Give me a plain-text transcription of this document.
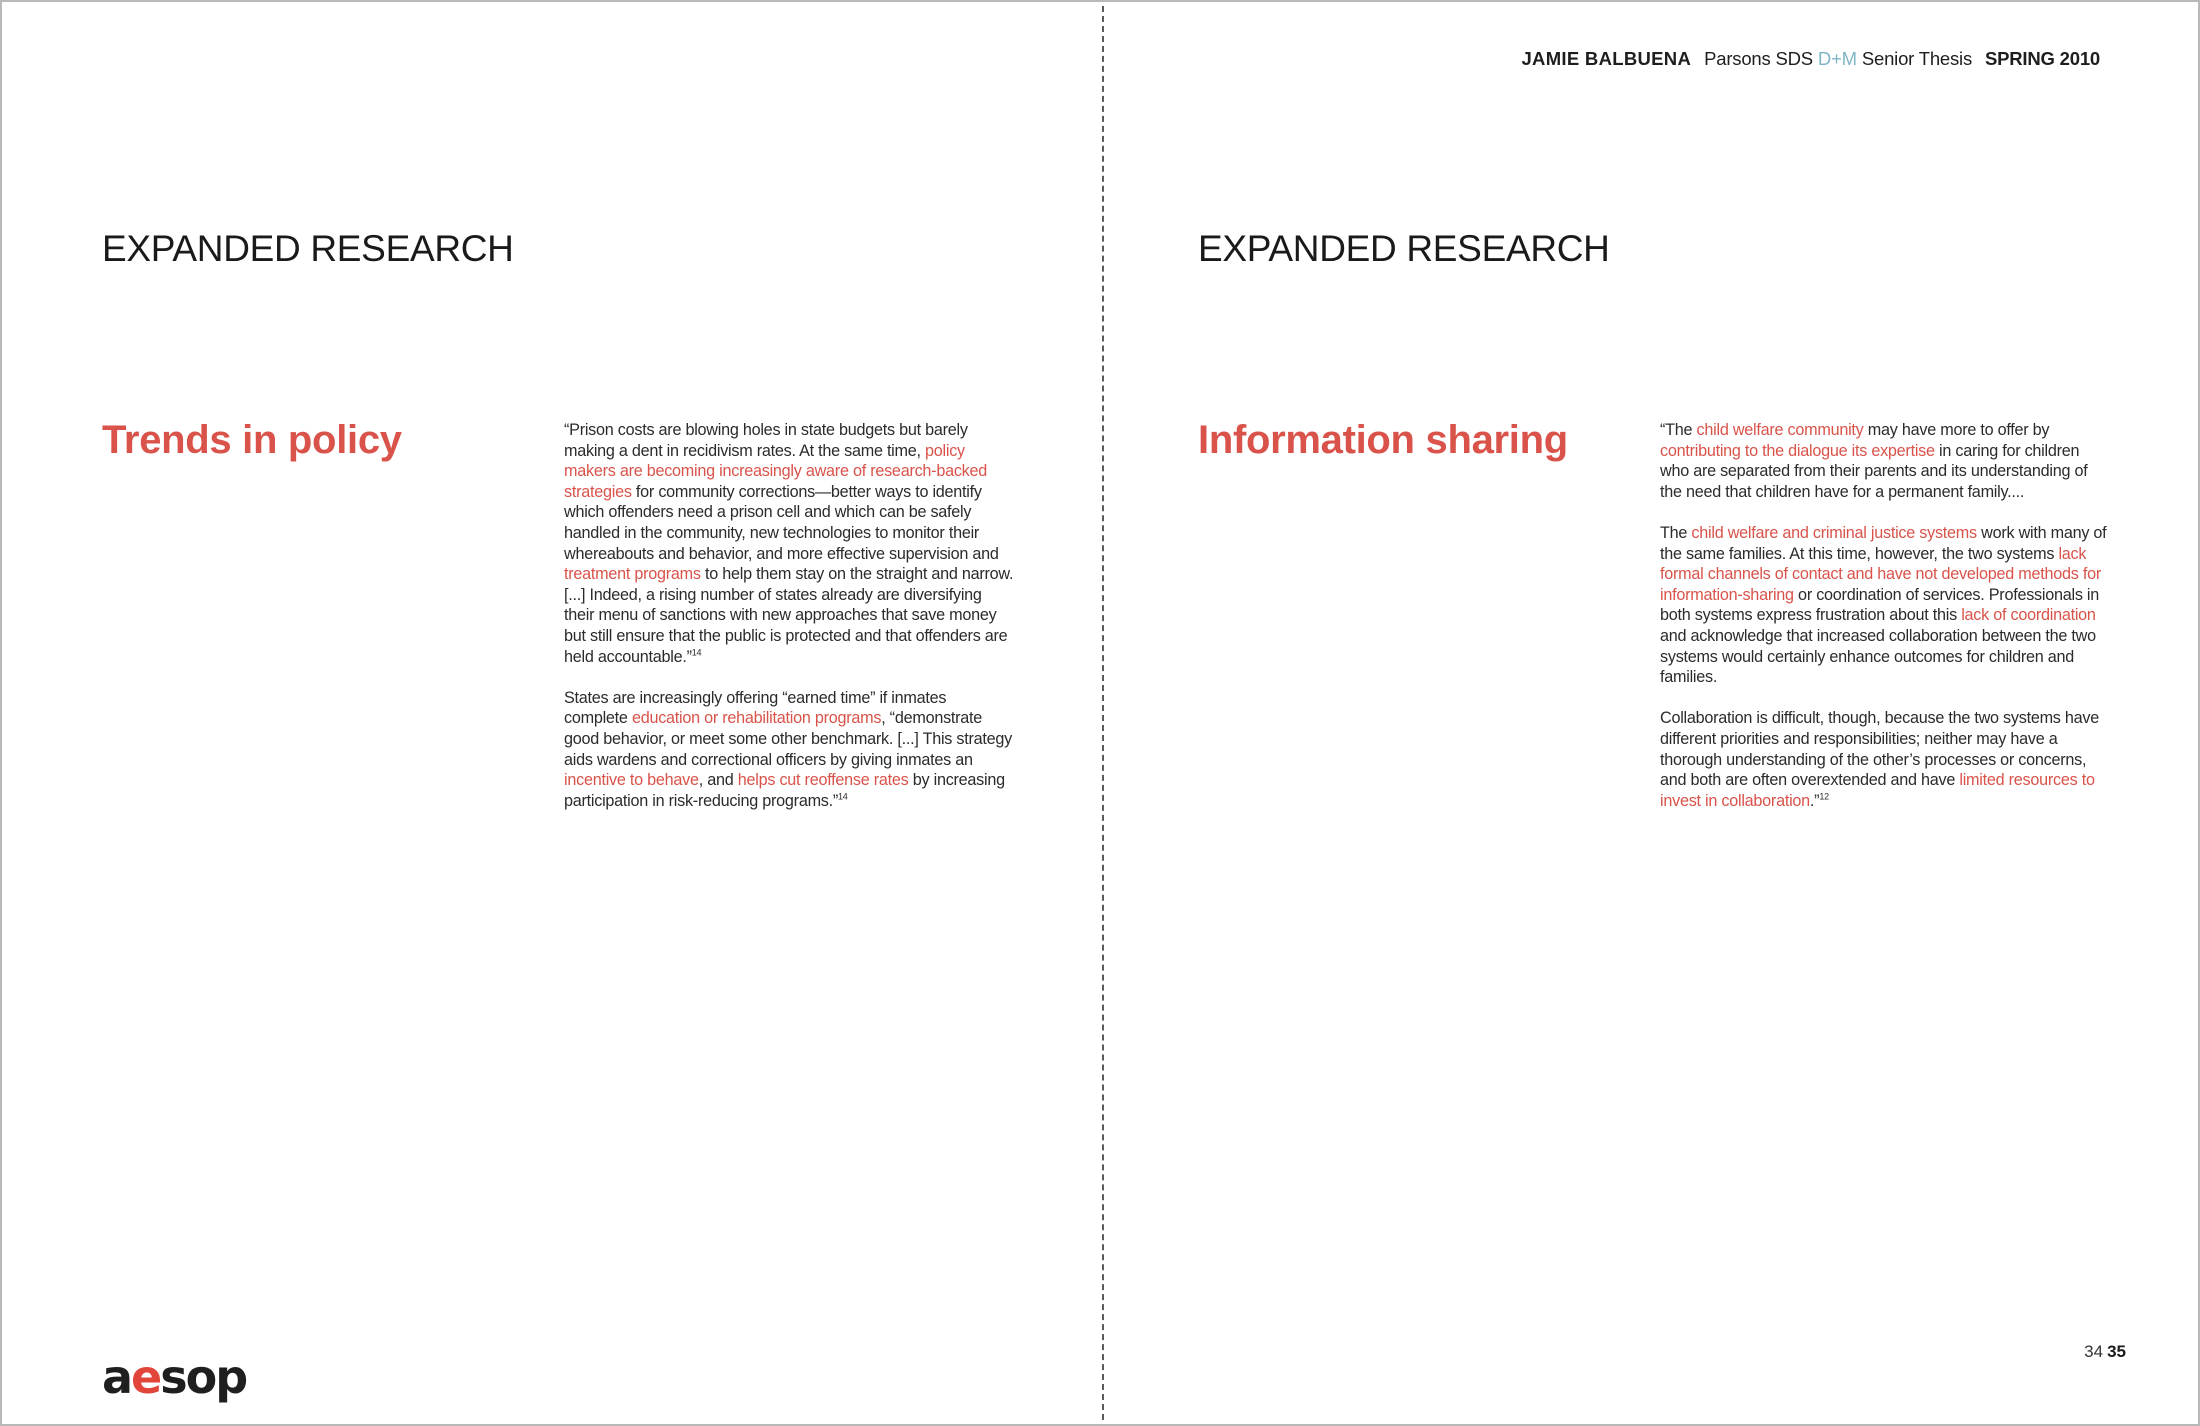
JAMIE BALBUENA Parsons SDS D+M Senior Thesis SPRING 2010
EXPANDED RESEARCH
Trends in policy	“Prison costs are blowing holes in state budgets but barely making a dent in recidivism rates. At the same time, policy makers are becoming increasingly aware of research-backed strategies for community corrections—better ways to identify which offenders need a prison cell and which can be safely handled in the community, new technologies to monitor their whereabouts and behavior, and more effective supervision and treatment programs to help them stay on the straight and narrow. [...] Indeed, a rising number of states already are diversifying their menu of sanctions with new approaches that save money but still ensure that the public is protected and that offenders are held accountable.”$^{14}$

States are increasingly offering “earned time” if inmates complete education or rehabilitation programs, “demonstrate good behavior, or meet some other benchmark. [...] This strategy aids wardens and correctional officers by giving inmates an incentive to behave, and helps cut reoffense rates by increasing participation in risk-reducing programs.”$^{14}$

EXPANDED RESEARCH
Information sharing	“The child welfare community may have more to offer by contributing to the dialogue its expertise in caring for children who are separated from their parents and its understanding of the need that children have for a permanent family....

The child welfare and criminal justice systems work with many of the same families. At this time, however, the two systems lack formal channels of contact and have not developed methods for information-sharing or coordination of services. Professionals in both systems express frustration about this lack of coordination and acknowledge that increased collaboration between the two systems would certainly enhance outcomes for children and families.

Collaboration is difficult, though, because the two systems have different priorities and responsibilities; neither may have a thorough understanding of the other’s processes or concerns, and both are often overextended and have limited resources to invest in collaboration.”$^{12}$

aesop	34 35
